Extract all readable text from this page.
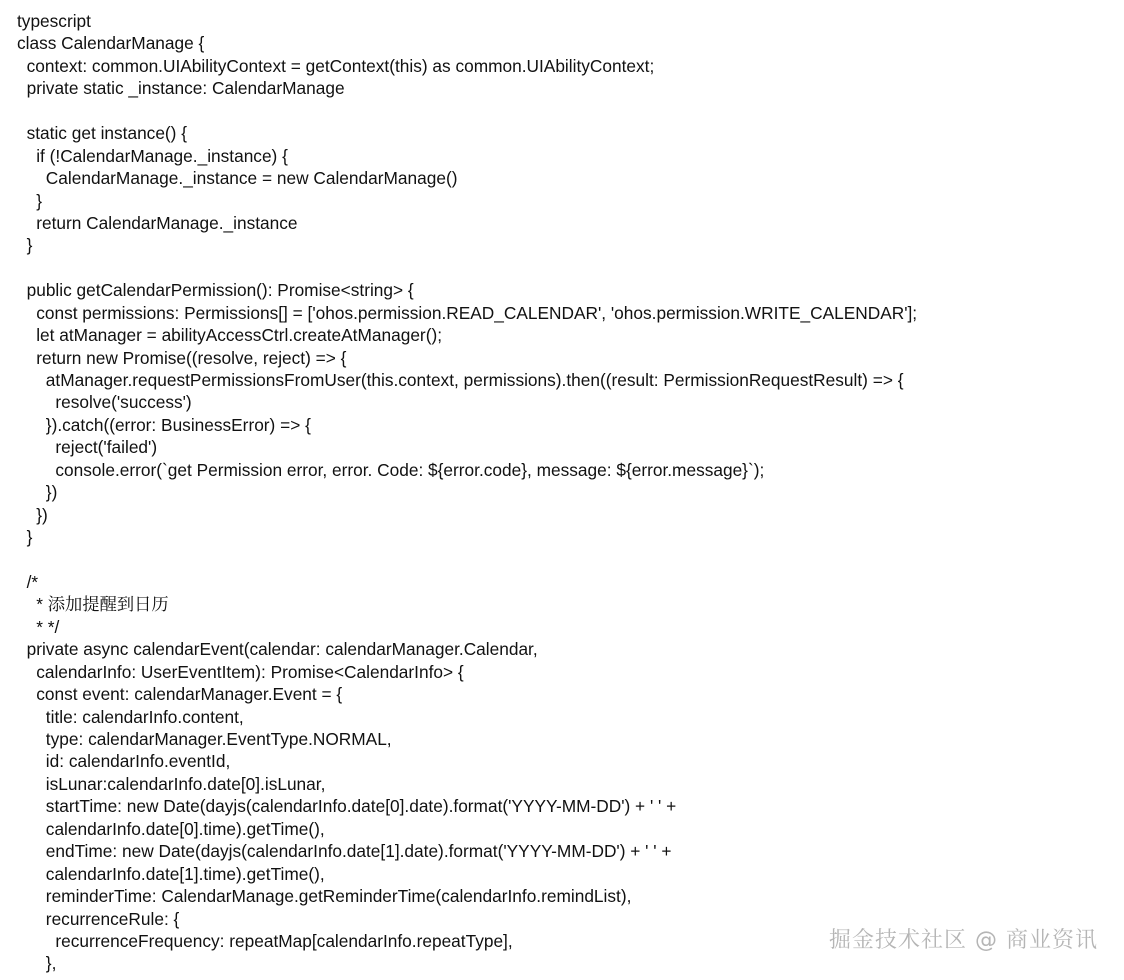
typescript
class CalendarManage {
context: common.UIAbilityContext = getContext(this) as common.UIAbilityContext;
private static _instance: CalendarManage
static get instance() {
if (!CalendarManage._instance) {
CalendarManage._instance = new CalendarManage()
}
return CalendarManage._instance
}
public getCalendarPermission(): Promise<string> {
const permissions: Permissions[] = ['ohos.permission.READ_CALENDAR', 'ohos.permission.WRITE_CALENDAR'];
let atManager = abilityAccessCtrl.createAtManager();
return new Promise((resolve, reject) => {
atManager.requestPermissionsFromUser(this.context, permissions).then((result: PermissionRequestResult) => {
resolve('success')
}).catch((error: BusinessError) => {
reject('failed')
console.error(`get Permission error, error. Code: ${error.code}, message: ${error.message}`);
})
})
}
/*
* 添加提醒到日历
* */
private async calendarEvent(calendar: calendarManager.Calendar,
calendarInfo: UserEventItem): Promise<CalendarInfo> {
const event: calendarManager.Event = {
title: calendarInfo.content,
type: calendarManager.EventType.NORMAL,
id: calendarInfo.eventId,
isLunar:calendarInfo.date[0].isLunar,
startTime: new Date(dayjs(calendarInfo.date[0].date).format('YYYY-MM-DD') + ' ' +
calendarInfo.date[0].time).getTime(),
endTime: new Date(dayjs(calendarInfo.date[1].date).format('YYYY-MM-DD') + ' ' +
calendarInfo.date[1].time).getTime(),
reminderTime: CalendarManage.getReminderTime(calendarInfo.remindList),
recurrenceRule: {
recurrenceFrequency: repeatMap[calendarInfo.repeatType],
},
掘金技术社区 @ 商业资讯
